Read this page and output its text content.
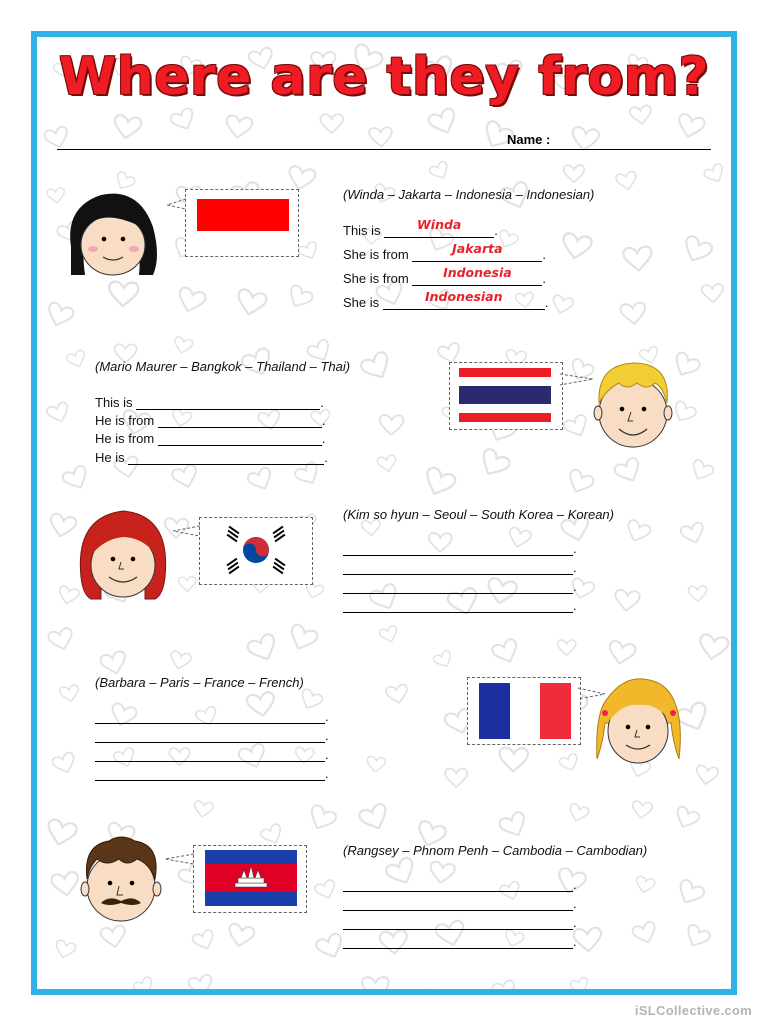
Where are they from?
Name :
(Winda – Jakarta – Indonesia – Indonesian)
This is	Winda	.
She is from	Jakarta	.
She is from	Indonesia	.
She is	Indonesian	.
(Mario Maurer – Bangkok – Thailand – Thai)
This is	.
He is from	.
He is from	.
He is	.
(Kim so hyun – Seoul – South Korea – Korean)
.
.
.
.
(Barbara – Paris – France – French)
.
.
.
.
(Rangsey – Phnom Penh – Cambodia – Cambodian)
.
.
.
.
iSLCollective.com
